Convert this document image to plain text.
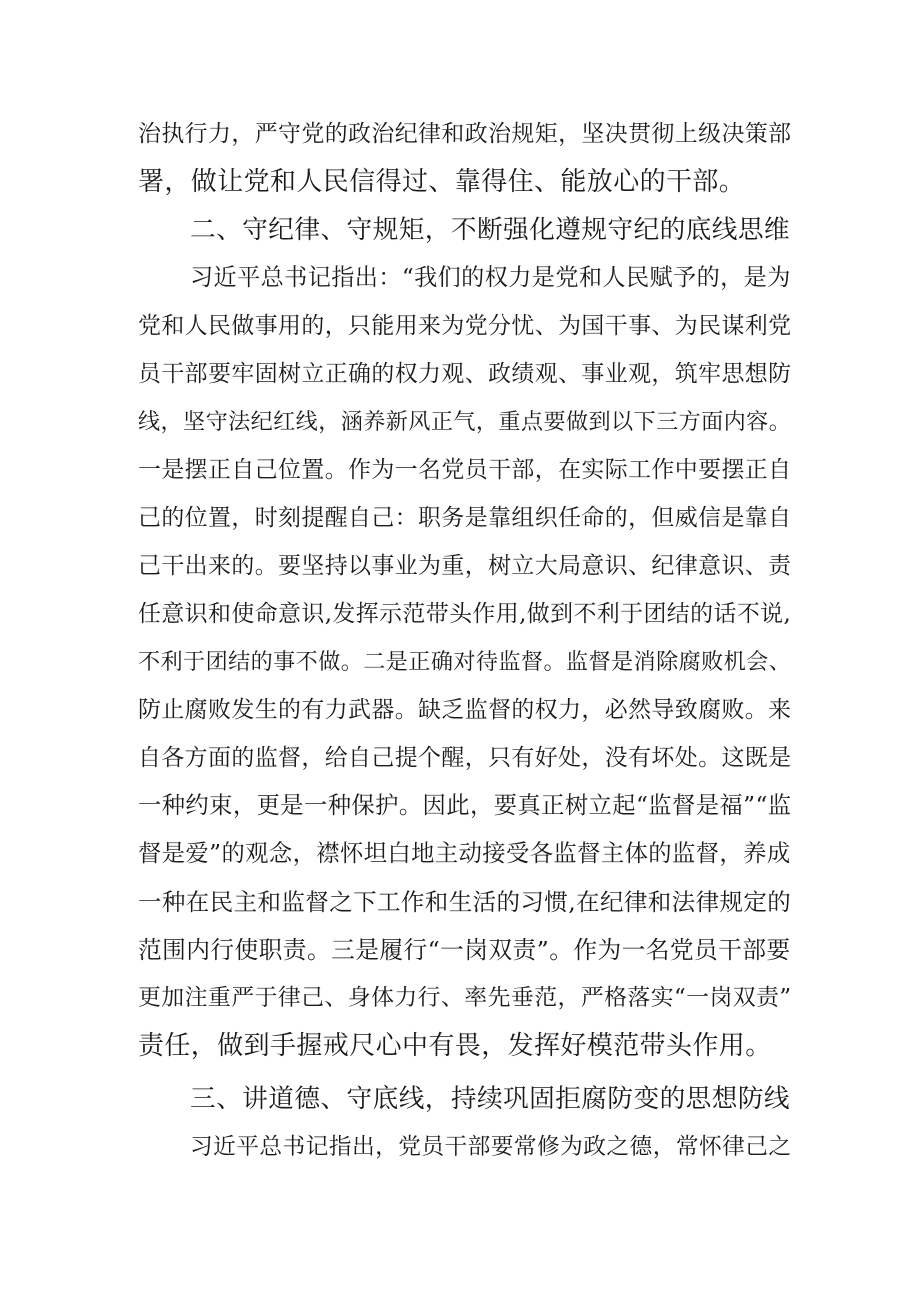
治执行力，严守党的政治纪律和政治规矩，坚决贯彻上级决策部
署，做让党和人民信得过、靠得住、能放心的干部。
二、守纪律、守规矩，不断强化遵规守纪的底线思维
习近平总书记指出：“我们的权力是党和人民赋予的，是为
党和人民做事用的，只能用来为党分忧、为国干事、为民谋利党
员干部要牢固树立正确的权力观、政绩观、事业观，筑牢思想防
线，坚守法纪红线，涵养新风正气，重点要做到以下三方面内容。
一是摆正自己位置。作为一名党员干部，在实际工作中要摆正自
己的位置，时刻提醒自己：职务是靠组织任命的，但威信是靠自
己干出来的。要坚持以事业为重，树立大局意识、纪律意识、责
任意识和使命意识,发挥示范带头作用,做到不利于团结的话不说,
不利于团结的事不做。二是正确对待监督。监督是消除腐败机会、
防止腐败发生的有力武器。缺乏监督的权力，必然导致腐败。来
自各方面的监督，给自己提个醒，只有好处，没有坏处。这既是
一种约束，更是一种保护。因此，要真正树立起“监督是福”“监
督是爱”的观念，襟怀坦白地主动接受各监督主体的监督，养成
一种在民主和监督之下工作和生活的习惯,在纪律和法律规定的
范围内行使职责。三是履行“一岗双责”。作为一名党员干部要
更加注重严于律己、身体力行、率先垂范，严格落实“一岗双责”
责任，做到手握戒尺心中有畏，发挥好模范带头作用。
三、讲道德、守底线，持续巩固拒腐防变的思想防线
习近平总书记指出，党员干部要常修为政之德，常怀律己之
